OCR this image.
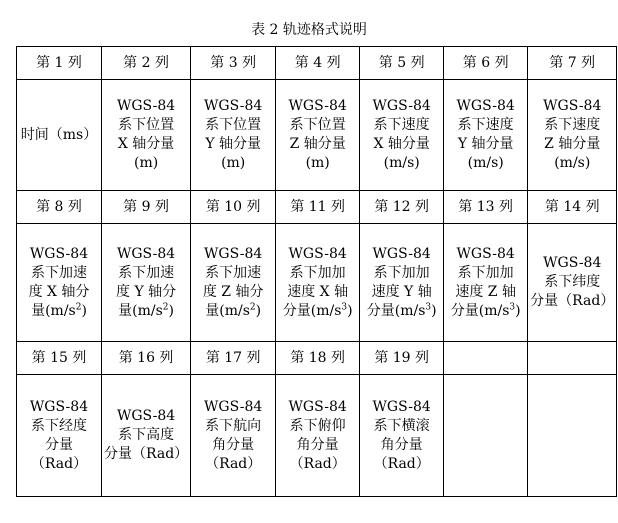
表 2 轨迹格式说明
第 1 列	第 2 列	第 3 列	第 4 列	第 5 列	第 6 列	第 7 列

时间（ms）	WGS-84
系下位置
X 轴分量
(m)	WGS-84
系下位置
Y 轴分量
(m)	WGS-84
系下位置
Z 轴分量
(m)	WGS-84
系下速度
X 轴分量
(m/s)	WGS-84
系下速度
Y 轴分量
(m/s)	WGS-84
系下速度
Z 轴分量
(m/s)

第 8 列	第 9 列	第 10 列	第 11 列	第 12 列	第 13 列	第 14 列

WGS-84
系下加速
度 X 轴分
量$(m/s^2)$	WGS-84
系下加速
度 Y 轴分
量$(m/s^2)$	WGS-84
系下加速
度 Z 轴分
量$(m/s^2)$	WGS-84
系下加加
速度 X 轴
分量$(m/s^3)$	WGS-84
系下加加
速度 Y 轴
分量$(m/s^3)$	WGS-84
系下加加
速度 Z 轴
分量$(m/s^3)$	WGS-84
系下纬度
分量（Rad）

第 15 列	第 16 列	第 17 列	第 18 列	第 19 列		

WGS-84
系下经度
分量
（Rad）	WGS-84
系下高度
分量（Rad）	WGS-84
系下航向
角分量
（Rad）	WGS-84
系下俯仰
角分量
（Rad）	WGS-84
系下横滚
角分量
（Rad）		
